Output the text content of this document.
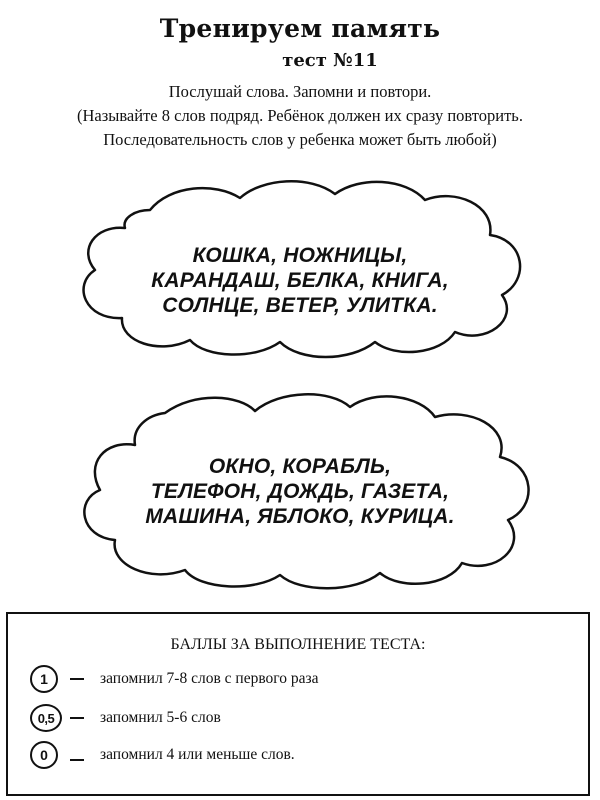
Тренируем память
тест №11
Послушай слова. Запомни и повтори.
(Называйте 8 слов подряд. Ребёнок должен их сразу повторить.
Последовательность слов у ребенка может быть любой)
КОШКА, НОЖНИЦЫ,
КАРАНДАШ, БЕЛКА, КНИГА,
СОЛНЦЕ, ВЕТЕР, УЛИТКА.
ОКНО, КОРАБЛЬ,
ТЕЛЕФОН, ДОЖДЬ, ГАЗЕТА,
МАШИНА, ЯБЛОКО, КУРИЦА.
БАЛЛЫ ЗА ВЫПОЛНЕНИЕ ТЕСТА:
1	запомнил 7-8 слов с первого раза
0,5	запомнил 5-6 слов
0	запомнил 4 или меньше слов.
